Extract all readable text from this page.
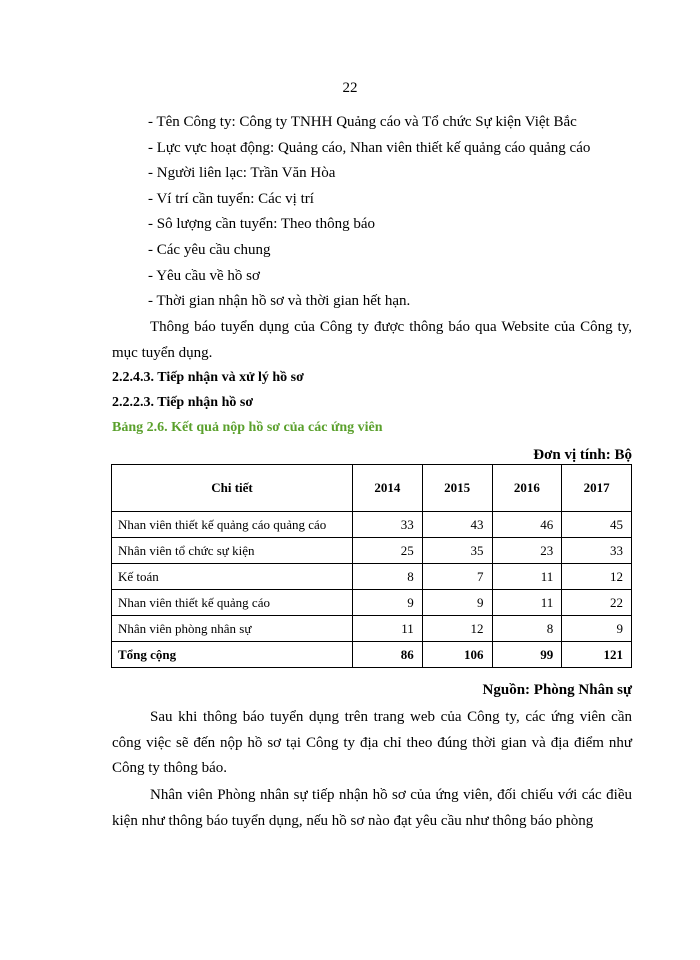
22
- Tên Công ty: Công ty TNHH Quảng cáo và Tổ chức Sự kiện Việt Bắc
- Lực vực hoạt động: Quảng cáo, Nhan viên thiết kế quảng cáo quảng cáo
- Người liên lạc: Trần Văn Hòa
- Ví trí cần tuyển: Các vị trí
- Sô lượng cần tuyển: Theo thông báo
- Các yêu cầu chung
- Yêu cầu về hồ sơ
- Thời gian nhận hồ sơ và thời gian hết hạn.

Thông báo tuyển dụng của Công ty được thông báo qua Website của Công ty, mục tuyển dụng.

2.2.4.3. Tiếp nhận và xử lý hồ sơ
2.2.2.3. Tiếp nhận hồ sơ
Bảng 2.6. Kết quả nộp hồ sơ của các ứng viên
Đơn vị tính: Bộ
Chi tiết	2014	2015	2016	2017
Nhan viên thiết kế quảng cáo quảng cáo	33	43	46	45
Nhân viên tổ chức sự kiện	25	35	23	33
Kế toán	8	7	11	12
Nhan viên thiết kế quảng cáo	9	9	11	22
Nhân viên phòng nhân sự	11	12	8	9
Tổng cộng	86	106	99	121
Nguồn: Phòng Nhân sự

Sau khi thông báo tuyển dụng trên trang web của Công ty, các ứng viên cần công việc sẽ đến nộp hồ sơ tại Công ty địa chỉ theo đúng thời gian và địa điểm như Công ty thông báo.

Nhân viên Phòng nhân sự tiếp nhận hồ sơ của ứng viên, đối chiếu với các điều kiện như thông báo tuyển dụng, nếu hồ sơ nào đạt yêu cầu như thông báo phòng
